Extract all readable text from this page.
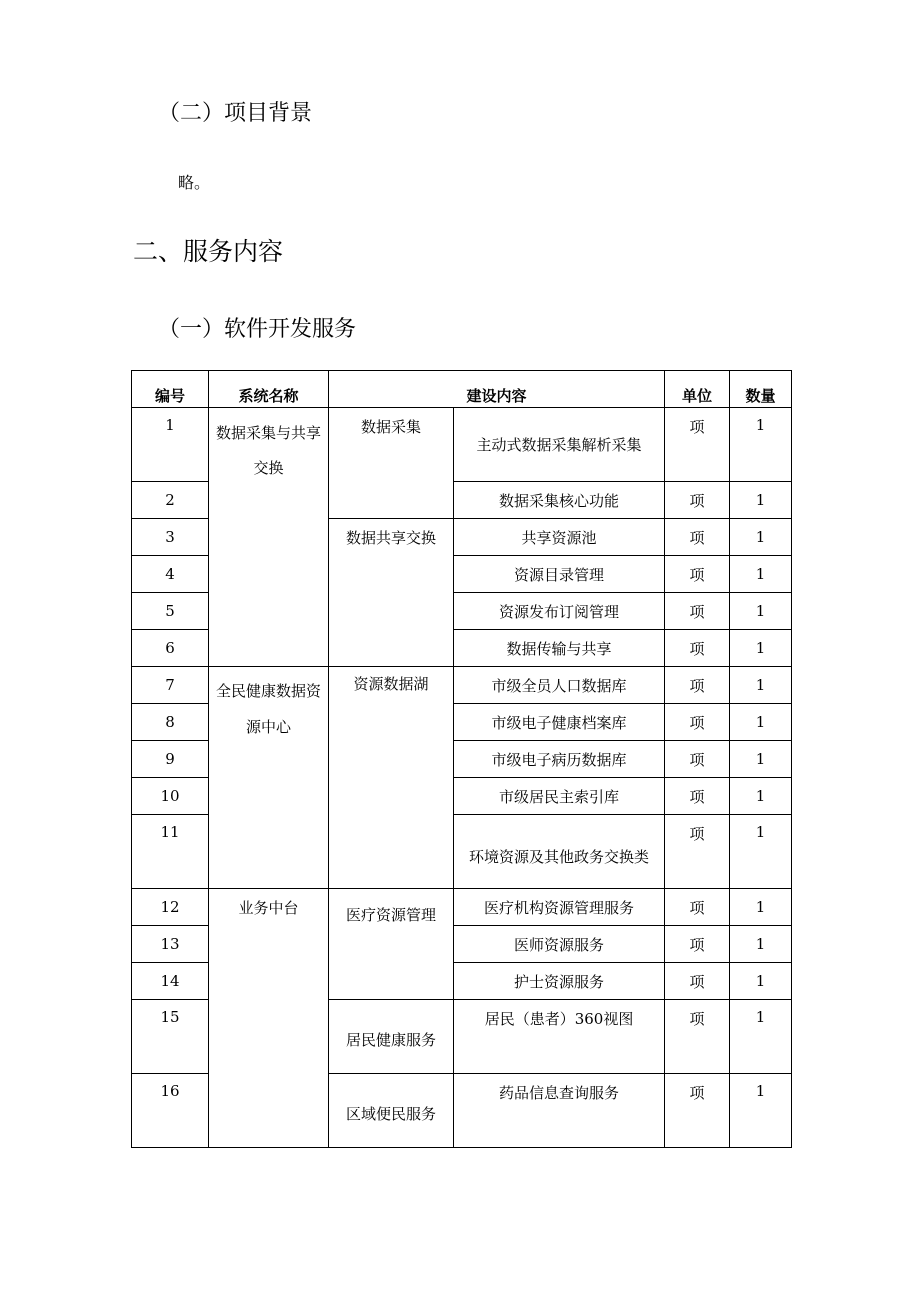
（二）项目背景

略。

二、服务内容
（一）软件开发服务
编号	系统名称	建设内容		单位	数量
1	数据采集与共享交换	数据采集	主动式数据采集解析采集	项	1
2			数据采集核心功能	项	1
3		数据共享交换	共享资源池	项	1
4			资源目录管理	项	1
5			资源发布订阅管理	项	1
6			数据传输与共享	项	1
7	全民健康数据资源中心	资源数据湖	市级全员人口数据库	项	1
8			市级电子健康档案库	项	1
9			市级电子病历数据库	项	1
10			市级居民主索引库	项	1
11			环境资源及其他政务交换类	项	1
12	业务中台	医疗资源管理	医疗机构资源管理服务	项	1
13			医师资源服务	项	1
14			护士资源服务	项	1
15		居民健康服务	居民（患者）360视图	项	1
16		区域便民服务	药品信息查询服务	项	1
